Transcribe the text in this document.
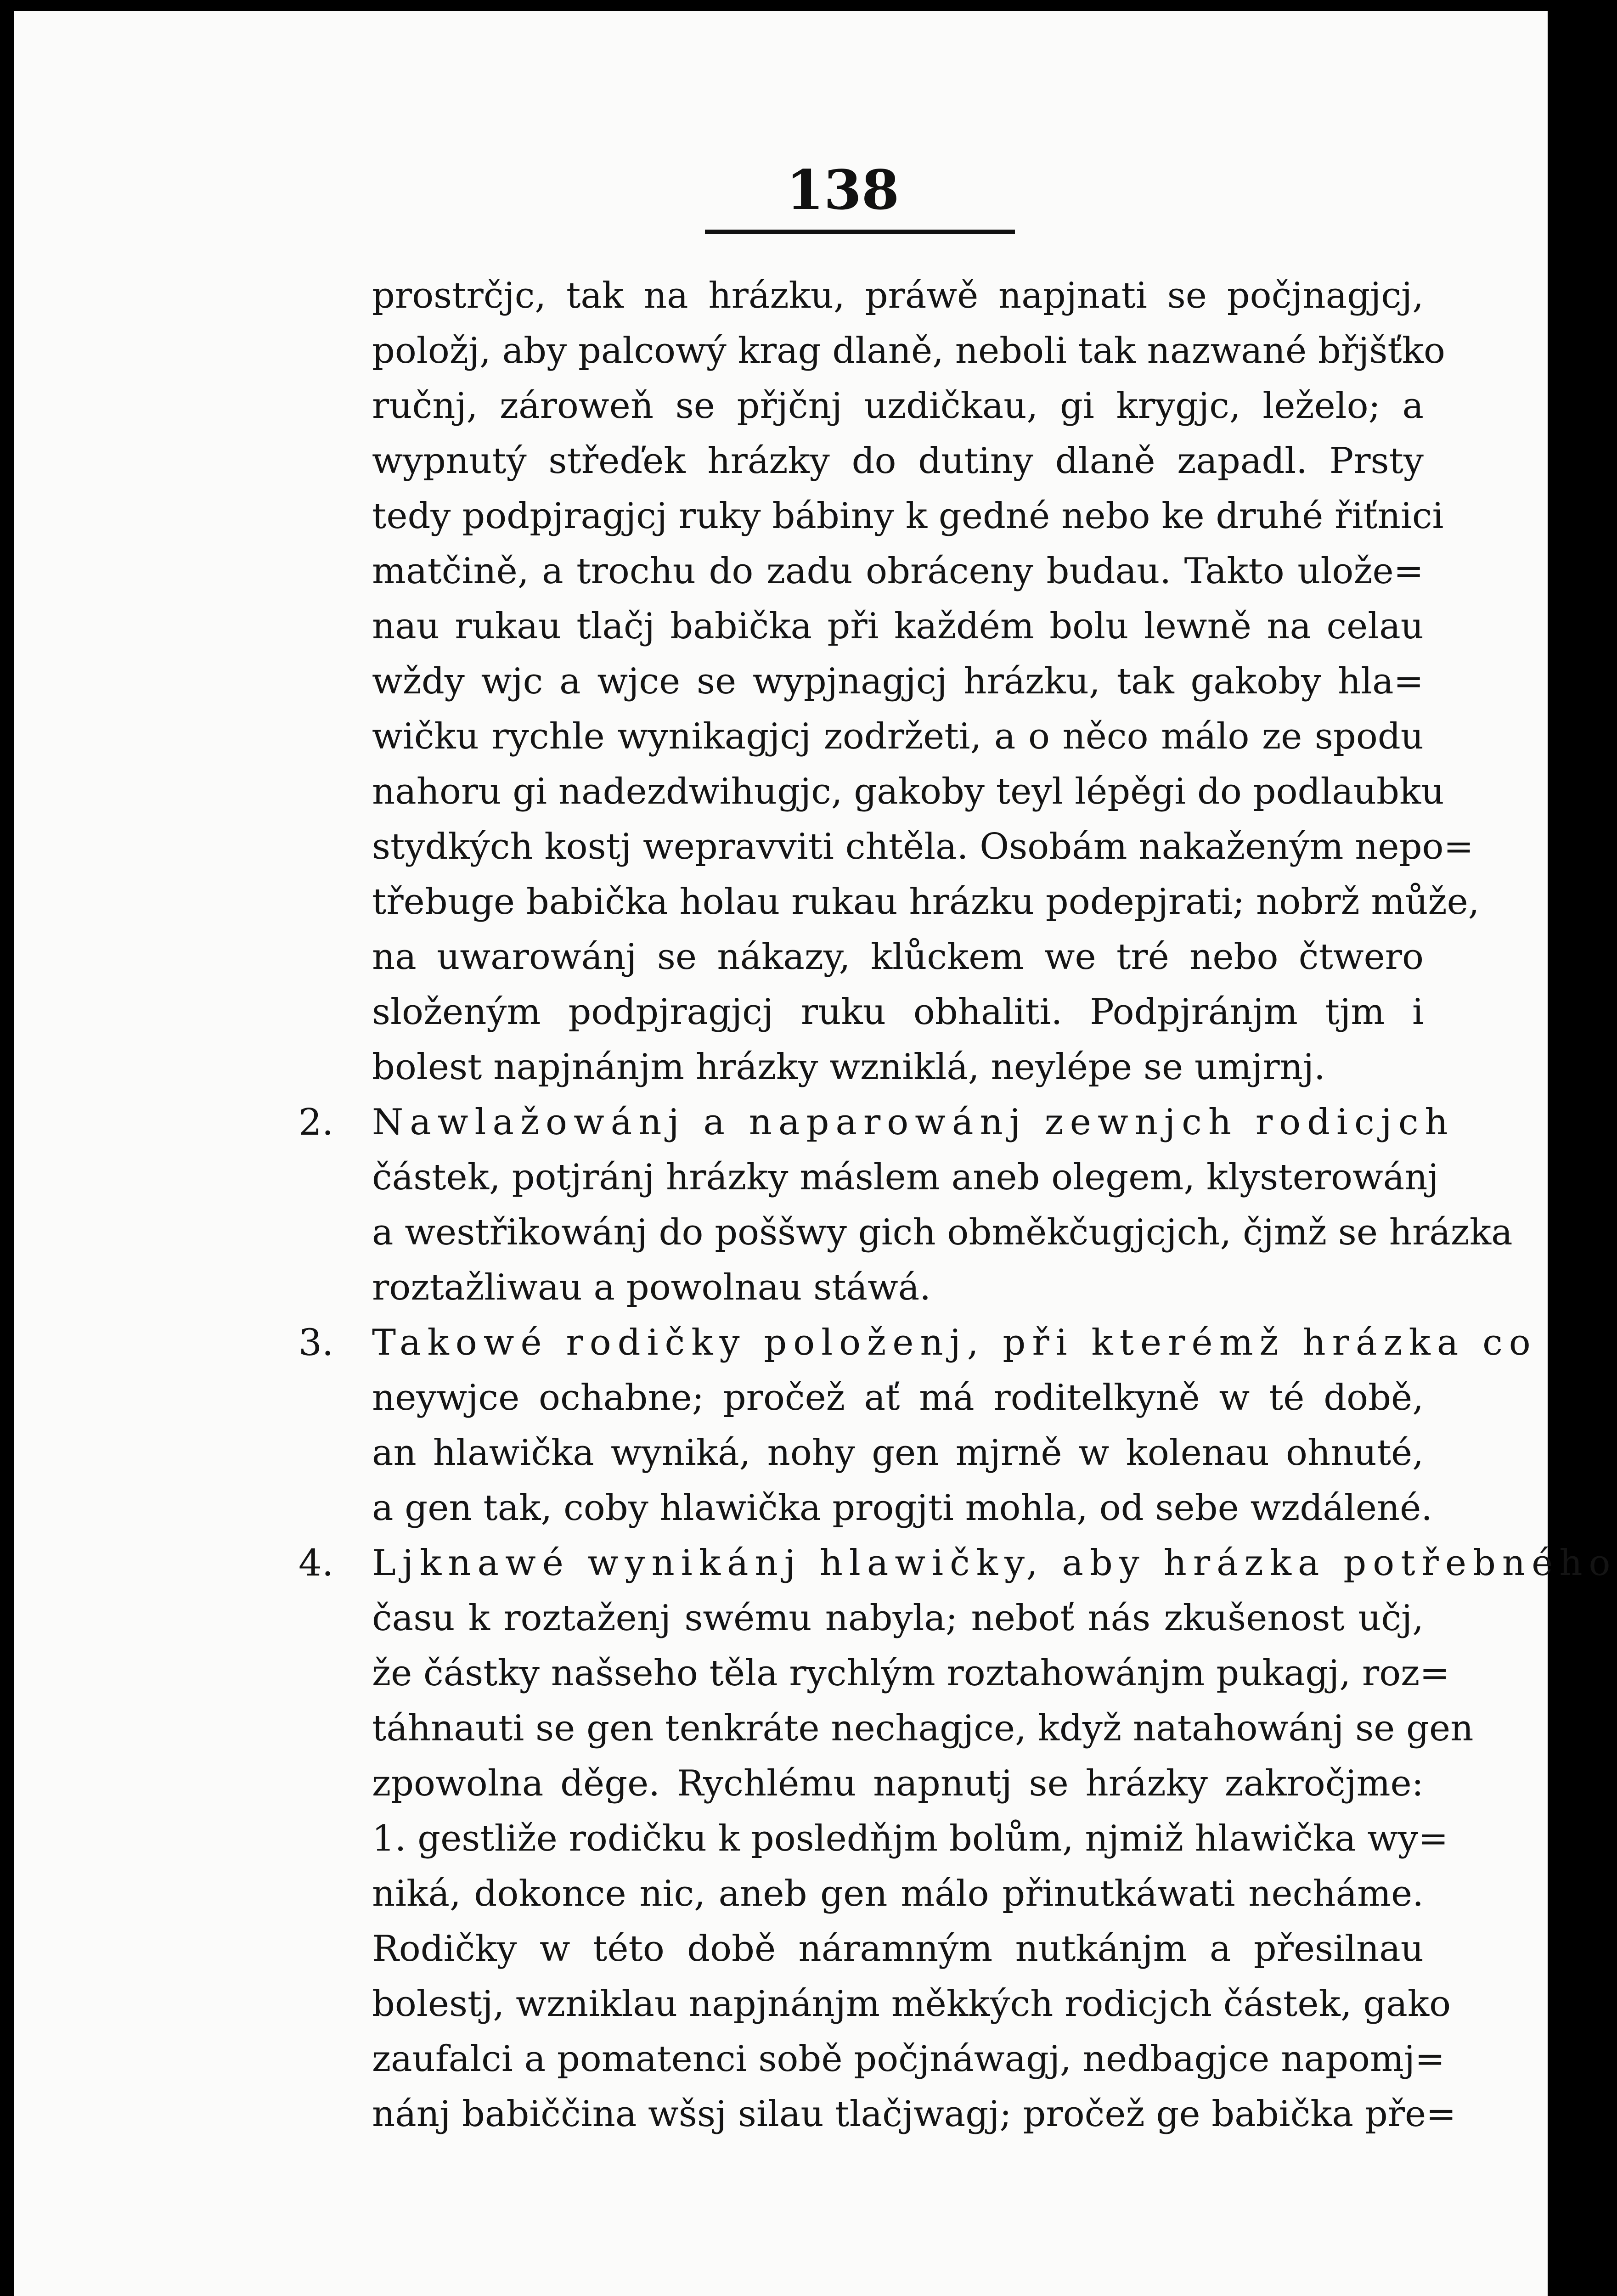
138
prostrčjc, tak na hrázku, práwě napjnati se počjnagjcj,
položj, aby palcowý krag dlaně, neboli tak nazwané břjšťko
ručnj, zároweň se přjčnj uzdičkau, gi krygjc, leželo; a
wypnutý střeďek hrázky do dutiny dlaně zapadl. Prsty
tedy podpjragjcj ruky bábiny k gedné nebo ke druhé řiťnici
matčině, a trochu do zadu obráceny budau. Takto ulože=
nau rukau tlačj babička při každém bolu lewně na celau
wždy wjc a wjce se wypjnagjcj hrázku, tak gakoby hla=
wičku rychle wynikagjcj zodržeti, a o něco málo ze spodu
nahoru gi nadezdwihugjc, gakoby teyl lépěgi do podlaubku
stydkých kostj wepravviti chtěla. Osobám nakaženým nepo=
třebuge babička holau rukau hrázku podepjrati; nobrž může,
na uwarowánj se nákazy, klůckem we tré nebo čtwero
složeným podpjragjcj ruku obhaliti. Podpjránjm tjm i
bolest napjnánjm hrázky wzniklá, neylépe se umjrnj.
2.	Nawlažowánj a naparowánj zewnjch rodicjch
částek, potjránj hrázky máslem aneb olegem, klysterowánj
a westřikowánj do poššwy gich obměkčugjcjch, čjmž se hrázka
roztažliwau a powolnau stáwá.
3.	Takowé rodičky položenj, při kterémž hrázka co
neywjce ochabne; pročež ať má roditelkyně w té době,
an hlawička wyniká, nohy gen mjrně w kolenau ohnuté,
a gen tak, coby hlawička progjti mohla, od sebe wzdálené.
4.	Ljknawé wynikánj hlawičky, aby hrázka potřebného
času k roztaženj swému nabyla; neboť nás zkušenost učj,
že částky našseho těla rychlým roztahowánjm pukagj, roz=
táhnauti se gen tenkráte nechagjce, když natahowánj se gen
zpowolna děge. Rychlému napnutj se hrázky zakročjme:
1. gestliže rodičku k posledňjm bolům, njmiž hlawička wy=
niká, dokonce nic, aneb gen málo přinutkáwati necháme.
Rodičky w této době náramným nutkánjm a přesilnau
bolestj, wzniklau napjnánjm měkkých rodicjch částek, gako
zaufalci a pomatenci sobě počjnáwagj, nedbagjce napomj=
nánj babiččina wšsj silau tlačjwagj; pročež ge babička pře=
